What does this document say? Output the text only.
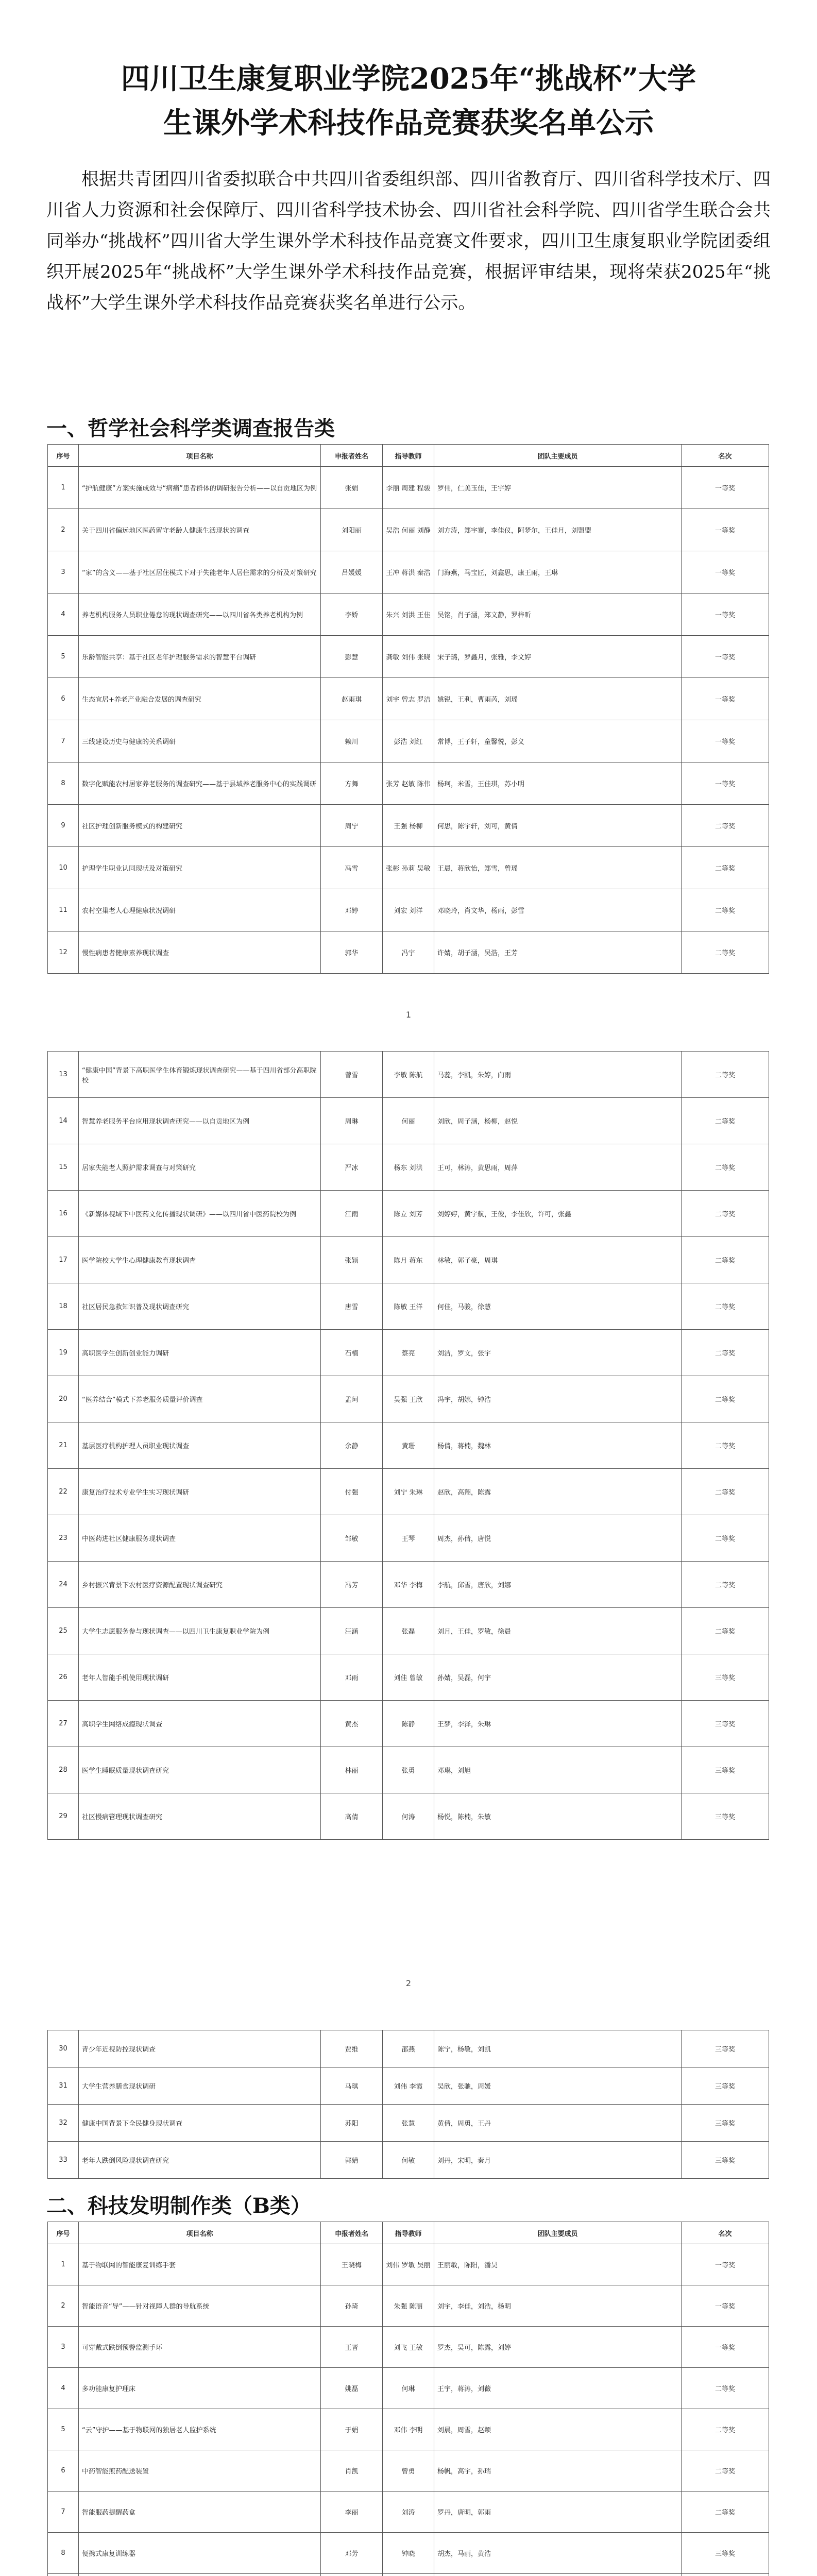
四川卫生康复职业学院2025年“挑战杯”大学
生课外学术科技作品竞赛获奖名单公示
根据共青团四川省委拟联合中共四川省委组织部、四川省教育厅、四川省科学技术厅、四川省人力资源和社会保障厅、四川省科学技术协会、四川省社会科学院、四川省学生联合会共同举办“挑战杯”四川省大学生课外学术科技作品竞赛文件要求，四川卫生康复职业学院团委组织开展2025年“挑战杯”大学生课外学术科技作品竞赛，根据评审结果，现将荣获2025年“挑战杯”大学生课外学术科技作品竞赛获奖名单进行公示。
一、哲学社会科学类调查报告类
序号	项目名称	申报者姓名	指导教师	团队主要成员	名次
1	“护航健康”方案实施成效与“病痛”患者群体的调研报告分析——以自贡地区为例	张娟	李丽 周建 程骏	罗伟，仁美玉佳，王宇婷	一等奖
2	关于四川省偏远地区医药留守老龄人健康生活现状的调查	刘阳丽	吴浩 何丽 刘静	刘方涛，郑宇骞，李佳仪，阿梦尔，王佳月，刘盟盟	一等奖
3	“家”的含义——基于社区居住模式下对于失能老年人居住需求的分析及对策研究	吕媛媛	王冲 蒋洪 秦浩	门海燕，马宝匠，刘鑫思，康王雨，王琳	一等奖
4	养老机构服务人员职业倦怠的现状调查研究——以四川省各类养老机构为例	李娇	朱兴 刘洪 王佳	吴铭，肖子涵，郑文静，罗梓昕	一等奖
5	乐龄智能共享：基于社区老年护理服务需求的智慧平台调研	彭慧	龚敏 刘伟 张晓	宋子璐，罗鑫月，张雅，李文婷	一等奖
6	生态宜居+养老产业融合发展的调查研究	赵雨琪	刘宇 曾志 罗洁	姚锐，王利，曹雨芮，刘瑶	一等奖
7	三线建设历史与健康的关系调研	赖川	彭浩 刘红	常博，王子轩，童馨悦，彭义	一等奖
8	数字化赋能农村居家养老服务的调查研究——基于县域养老服务中心的实践调研	方舞	张芳 赵敏 陈伟	杨珂，米雪，王佳琪，苏小明	一等奖
9	社区护理创新服务模式的构建研究	周宁	王强 杨柳	何思，陈宇轩，刘可，黄倩	二等奖
10	护理学生职业认同现状及对策研究	冯雪	张彬 孙莉 吴敏	王晨，蒋欣怡，郑雪，曾瑶	二等奖
11	农村空巢老人心理健康状况调研	邓婷	刘宏 刘洋	邓晓玲，肖文华，杨雨，彭雪	二等奖
12	慢性病患者健康素养现状调查	郭华	冯宇	许婧，胡子涵，吴浩，王芳	二等奖
1
13	“健康中国”背景下高职医学生体育锻炼现状调查研究——基于四川省部分高职院校	曾雪	李敏 陈航	马蕊，李凯，朱婷，向雨	二等奖
14	智慧养老服务平台应用现状调查研究——以自贡地区为例	周琳	何丽	刘欣，周子涵，杨柳，赵悦	二等奖
15	居家失能老人照护需求调查与对策研究	严冰	杨东 刘洪	王可，林涛，黄思雨，周萍	二等奖
16	《新媒体视域下中医药文化传播现状调研》——以四川省中医药院校为例	江雨	陈立 刘芳	刘婷婷，黄宇航，王俊，李佳欣，许可，张鑫	二等奖
17	医学院校大学生心理健康教育现状调查	张颖	陈月 蒋东	林敏，郭子豪，周琪	二等奖
18	社区居民急救知识普及现状调查研究	唐雪	陈敏 王洋	何佳，马骏，徐慧	二等奖
19	高职医学生创新创业能力调研	石楠	蔡亮	刘洁，罗文，张宇	二等奖
20	“医养结合”模式下养老服务质量评价调查	孟珂	吴强 王欣	冯宇，胡娜，钟浩	二等奖
21	基层医疗机构护理人员职业现状调查	余静	黄珊	杨倩，蒋楠，魏林	二等奖
22	康复治疗技术专业学生实习现状调研	付强	刘宁 朱琳	赵欣，高翔，陈露	二等奖
23	中医药进社区健康服务现状调查	邹敏	王琴	周杰，孙倩，唐悦	二等奖
24	乡村振兴背景下农村医疗资源配置现状调查研究	冯芳	邓华 李梅	李航，邱雪，唐欣，刘娜	二等奖
25	大学生志愿服务参与现状调查——以四川卫生康复职业学院为例	汪涵	张磊	刘月，王佳，罗敏，徐晨	二等奖
26	老年人智能手机使用现状调研	邓雨	刘佳 曾敏	孙婧，吴磊，何宇	三等奖
27	高职学生网络成瘾现状调查	黄杰	陈静	王梦，李泽，朱琳	三等奖
28	医学生睡眠质量现状调查研究	林丽	张勇	邓琳，刘旭	三等奖
29	社区慢病管理现状调查研究	高倩	何涛	杨悦，陈楠，朱敏	三等奖
2
30	青少年近视防控现状调查	贾维	邵燕	陈宁，杨敏，刘凯	三等奖
31	大学生营养膳食现状调研	马琪	刘伟 李霞	吴欣，张驰，周媛	三等奖
32	健康中国背景下全民健身现状调查	苏阳	张慧	黄倩，周勇，王丹	三等奖
33	老年人跌倒风险现状调查研究	郭婧	何敏	刘丹，宋明，秦月	三等奖
二、科技发明制作类（B类）
序号	项目名称	申报者姓名	指导教师	团队主要成员	名次
1	基于物联网的智能康复训练手套	王晓梅	刘伟 罗敏 吴丽	王丽敏，陈阳，潘昊	一等奖
2	智能语音“导”——针对视障人群的导航系统	孙琦	朱强 陈丽	刘宇，李佳，刘浩，杨明	一等奖
3	可穿戴式跌倒预警监测手环	王晋	刘飞 王敏	罗杰，吴可，陈露，刘婷	一等奖
4	多功能康复护理床	姚磊	何琳	王宇，蒋涛，刘薇	二等奖
5	“云”守护——基于物联网的独居老人监护系统	于娟	邓伟 李明	刘晨，周雪，赵颖	二等奖
6	中药智能煎药配送装置	肖凯	曾勇	杨帆，高宇，孙瑞	二等奖
7	智能服药提醒药盒	李丽	刘涛	罗丹，唐明，郭雨	二等奖
8	便携式康复训练器	邓芳	钟晓	胡杰，马丽，黄浩	三等奖
